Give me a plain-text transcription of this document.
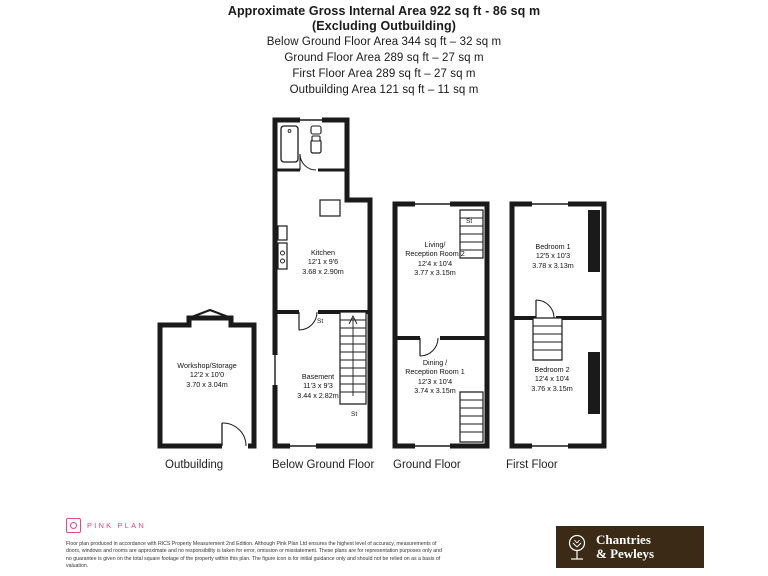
Approximate Gross Internal Area 922 sq ft - 86 sq m
(Excluding Outbuilding)
Below Ground Floor Area 344 sq ft – 32 sq m
Ground Floor Area 289 sq ft – 27 sq m
First Floor Area 289 sq ft – 27 sq m
Outbuilding Area 121 sq ft – 11 sq m
Workshop/Storage
12'2 x 10'0
3.70 x 3.04m
Kitchen
12'1 x 9'6
3.68 x 2.90m
Basement
11'3 x 9'3
3.44 x 2.82m
Living/
Reception Room 2
12'4 x 10'4
3.77 x 3.15m
Dining /
Reception Room 1
12'3 x 10'4
3.74 x 3.15m
Bedroom 1
12'5 x 10'3
3.78 x 3.13m
Bedroom 2
12'4 x 10'4
3.76 x 3.15m
St
St
St
Outbuilding	Below Ground Floor Ground Floor	First Floor
PINK PLAN
Floor plan produced in accordance with RICS Property Measurement 2nd Edition. Although Pink Plan Ltd ensures the highest level of accuracy, measurements of doors, windows and rooms are approximate and no responsibility is taken for error, omission or misstatement. These plans are for representation purposes only and no guarantee is given on the total square footage of the property within this plan. The figure icon is for initial guidance only and should not be relied on as a basis of valuation.
Chantries
& Pewleys
